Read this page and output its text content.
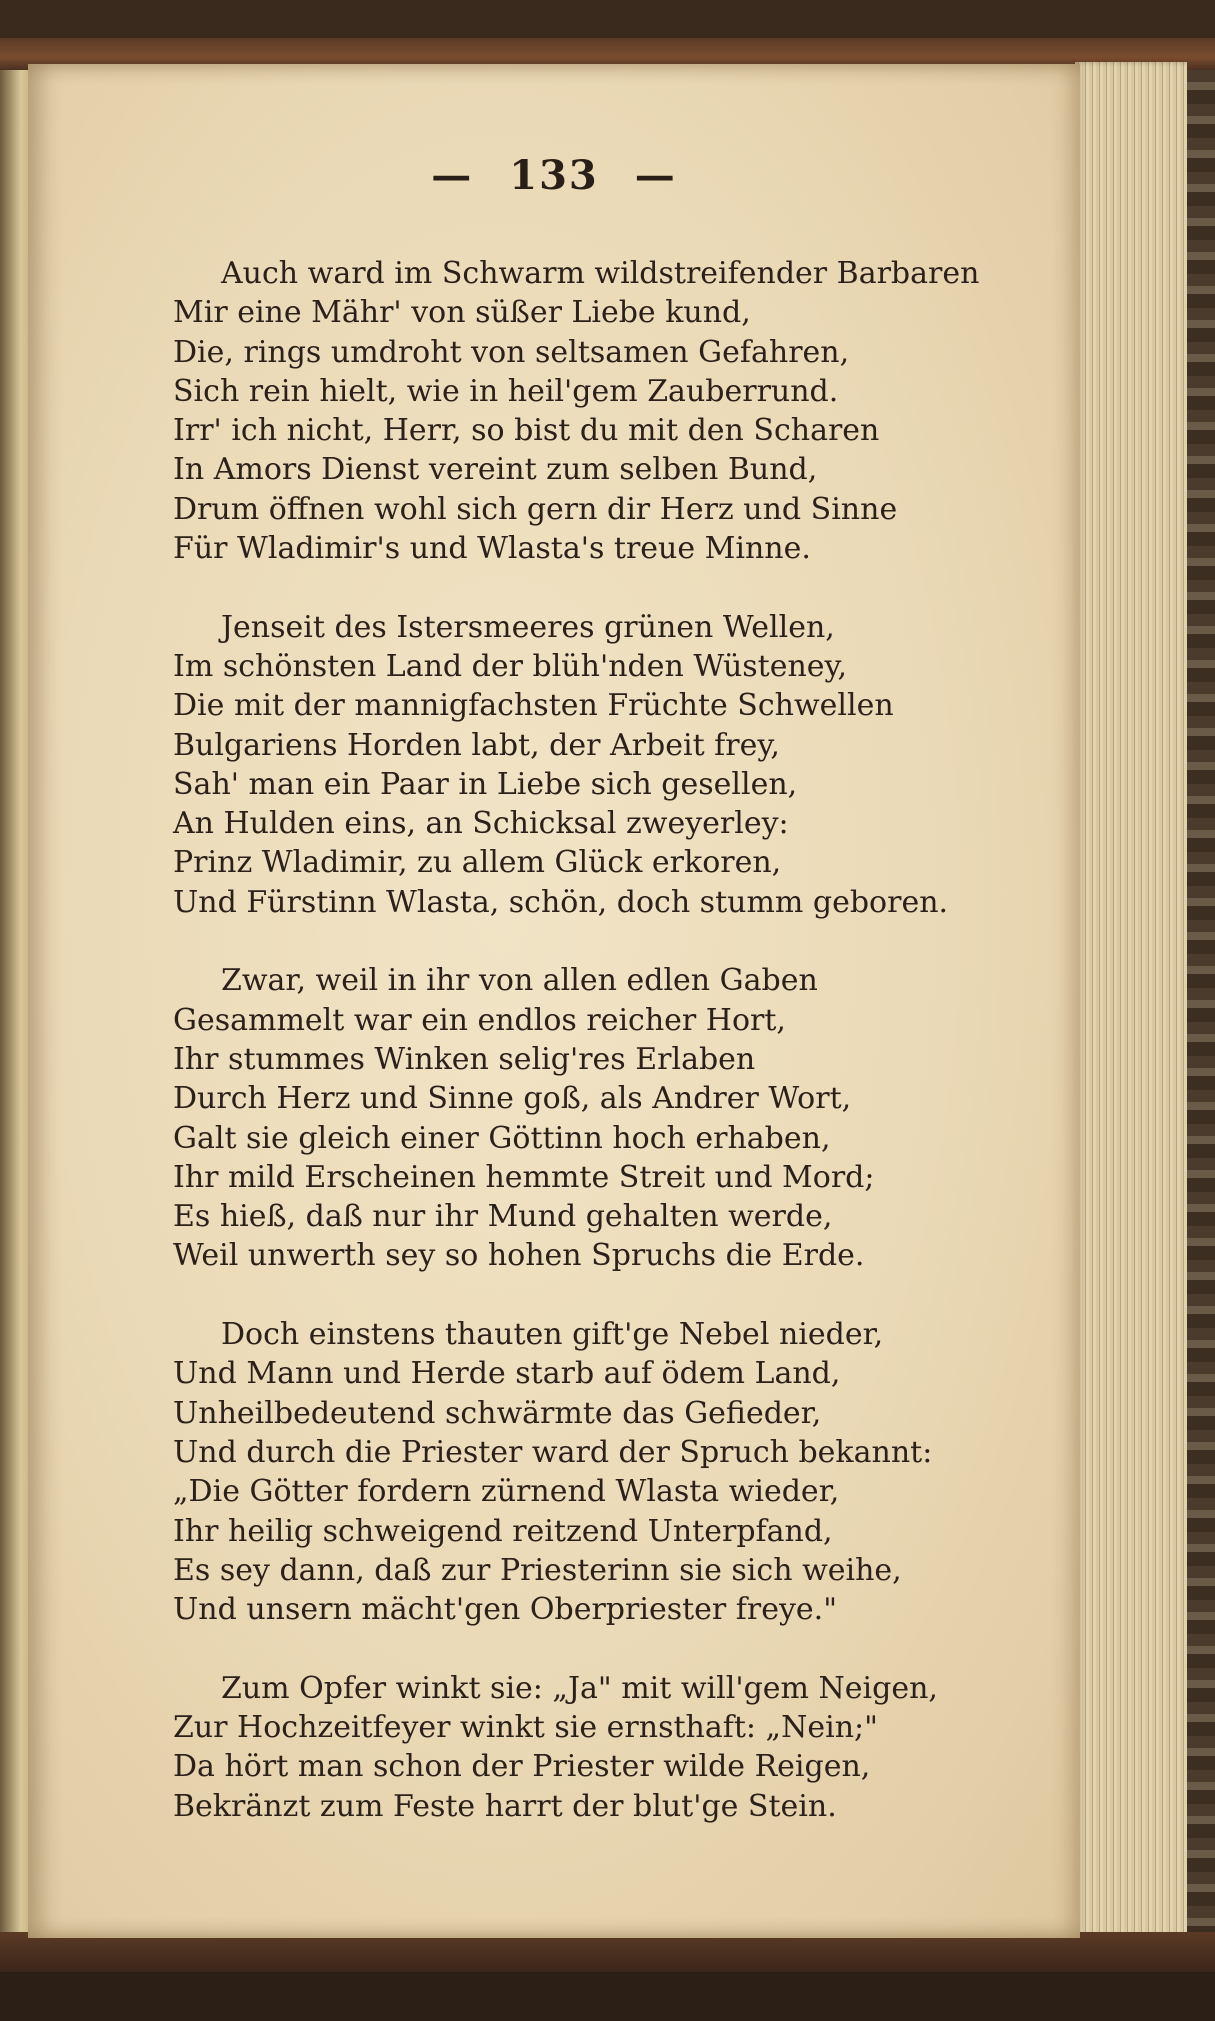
— 133 —
Auch ward im Schwarm wildstreifender Barbaren
Mir eine Mähr' von süßer Liebe kund,
Die, rings umdroht von seltsamen Gefahren,
Sich rein hielt, wie in heil'gem Zauberrund.
Irr' ich nicht, Herr, so bist du mit den Scharen
In Amors Dienst vereint zum selben Bund,
Drum öffnen wohl sich gern dir Herz und Sinne
Für Wladimir's und Wlasta's treue Minne.
Jenseit des Istersmeeres grünen Wellen,
Im schönsten Land der blüh'nden Wüsteney,
Die mit der mannigfachsten Früchte Schwellen
Bulgariens Horden labt, der Arbeit frey,
Sah' man ein Paar in Liebe sich gesellen,
An Hulden eins, an Schicksal zweyerley:
Prinz Wladimir, zu allem Glück erkoren,
Und Fürstinn Wlasta, schön, doch stumm geboren.
Zwar, weil in ihr von allen edlen Gaben
Gesammelt war ein endlos reicher Hort,
Ihr stummes Winken selig'res Erlaben
Durch Herz und Sinne goß, als Andrer Wort,
Galt sie gleich einer Göttinn hoch erhaben,
Ihr mild Erscheinen hemmte Streit und Mord;
Es hieß, daß nur ihr Mund gehalten werde,
Weil unwerth sey so hohen Spruchs die Erde.
Doch einstens thauten gift'ge Nebel nieder,
Und Mann und Herde starb auf ödem Land,
Unheilbedeutend schwärmte das Gefieder,
Und durch die Priester ward der Spruch bekannt:
„Die Götter fordern zürnend Wlasta wieder,
Ihr heilig schweigend reitzend Unterpfand,
Es sey dann, daß zur Priesterinn sie sich weihe,
Und unsern mächt'gen Oberpriester freye."
Zum Opfer winkt sie: „Ja" mit will'gem Neigen,
Zur Hochzeitfeyer winkt sie ernsthaft: „Nein;"
Da hört man schon der Priester wilde Reigen,
Bekränzt zum Feste harrt der blut'ge Stein.
